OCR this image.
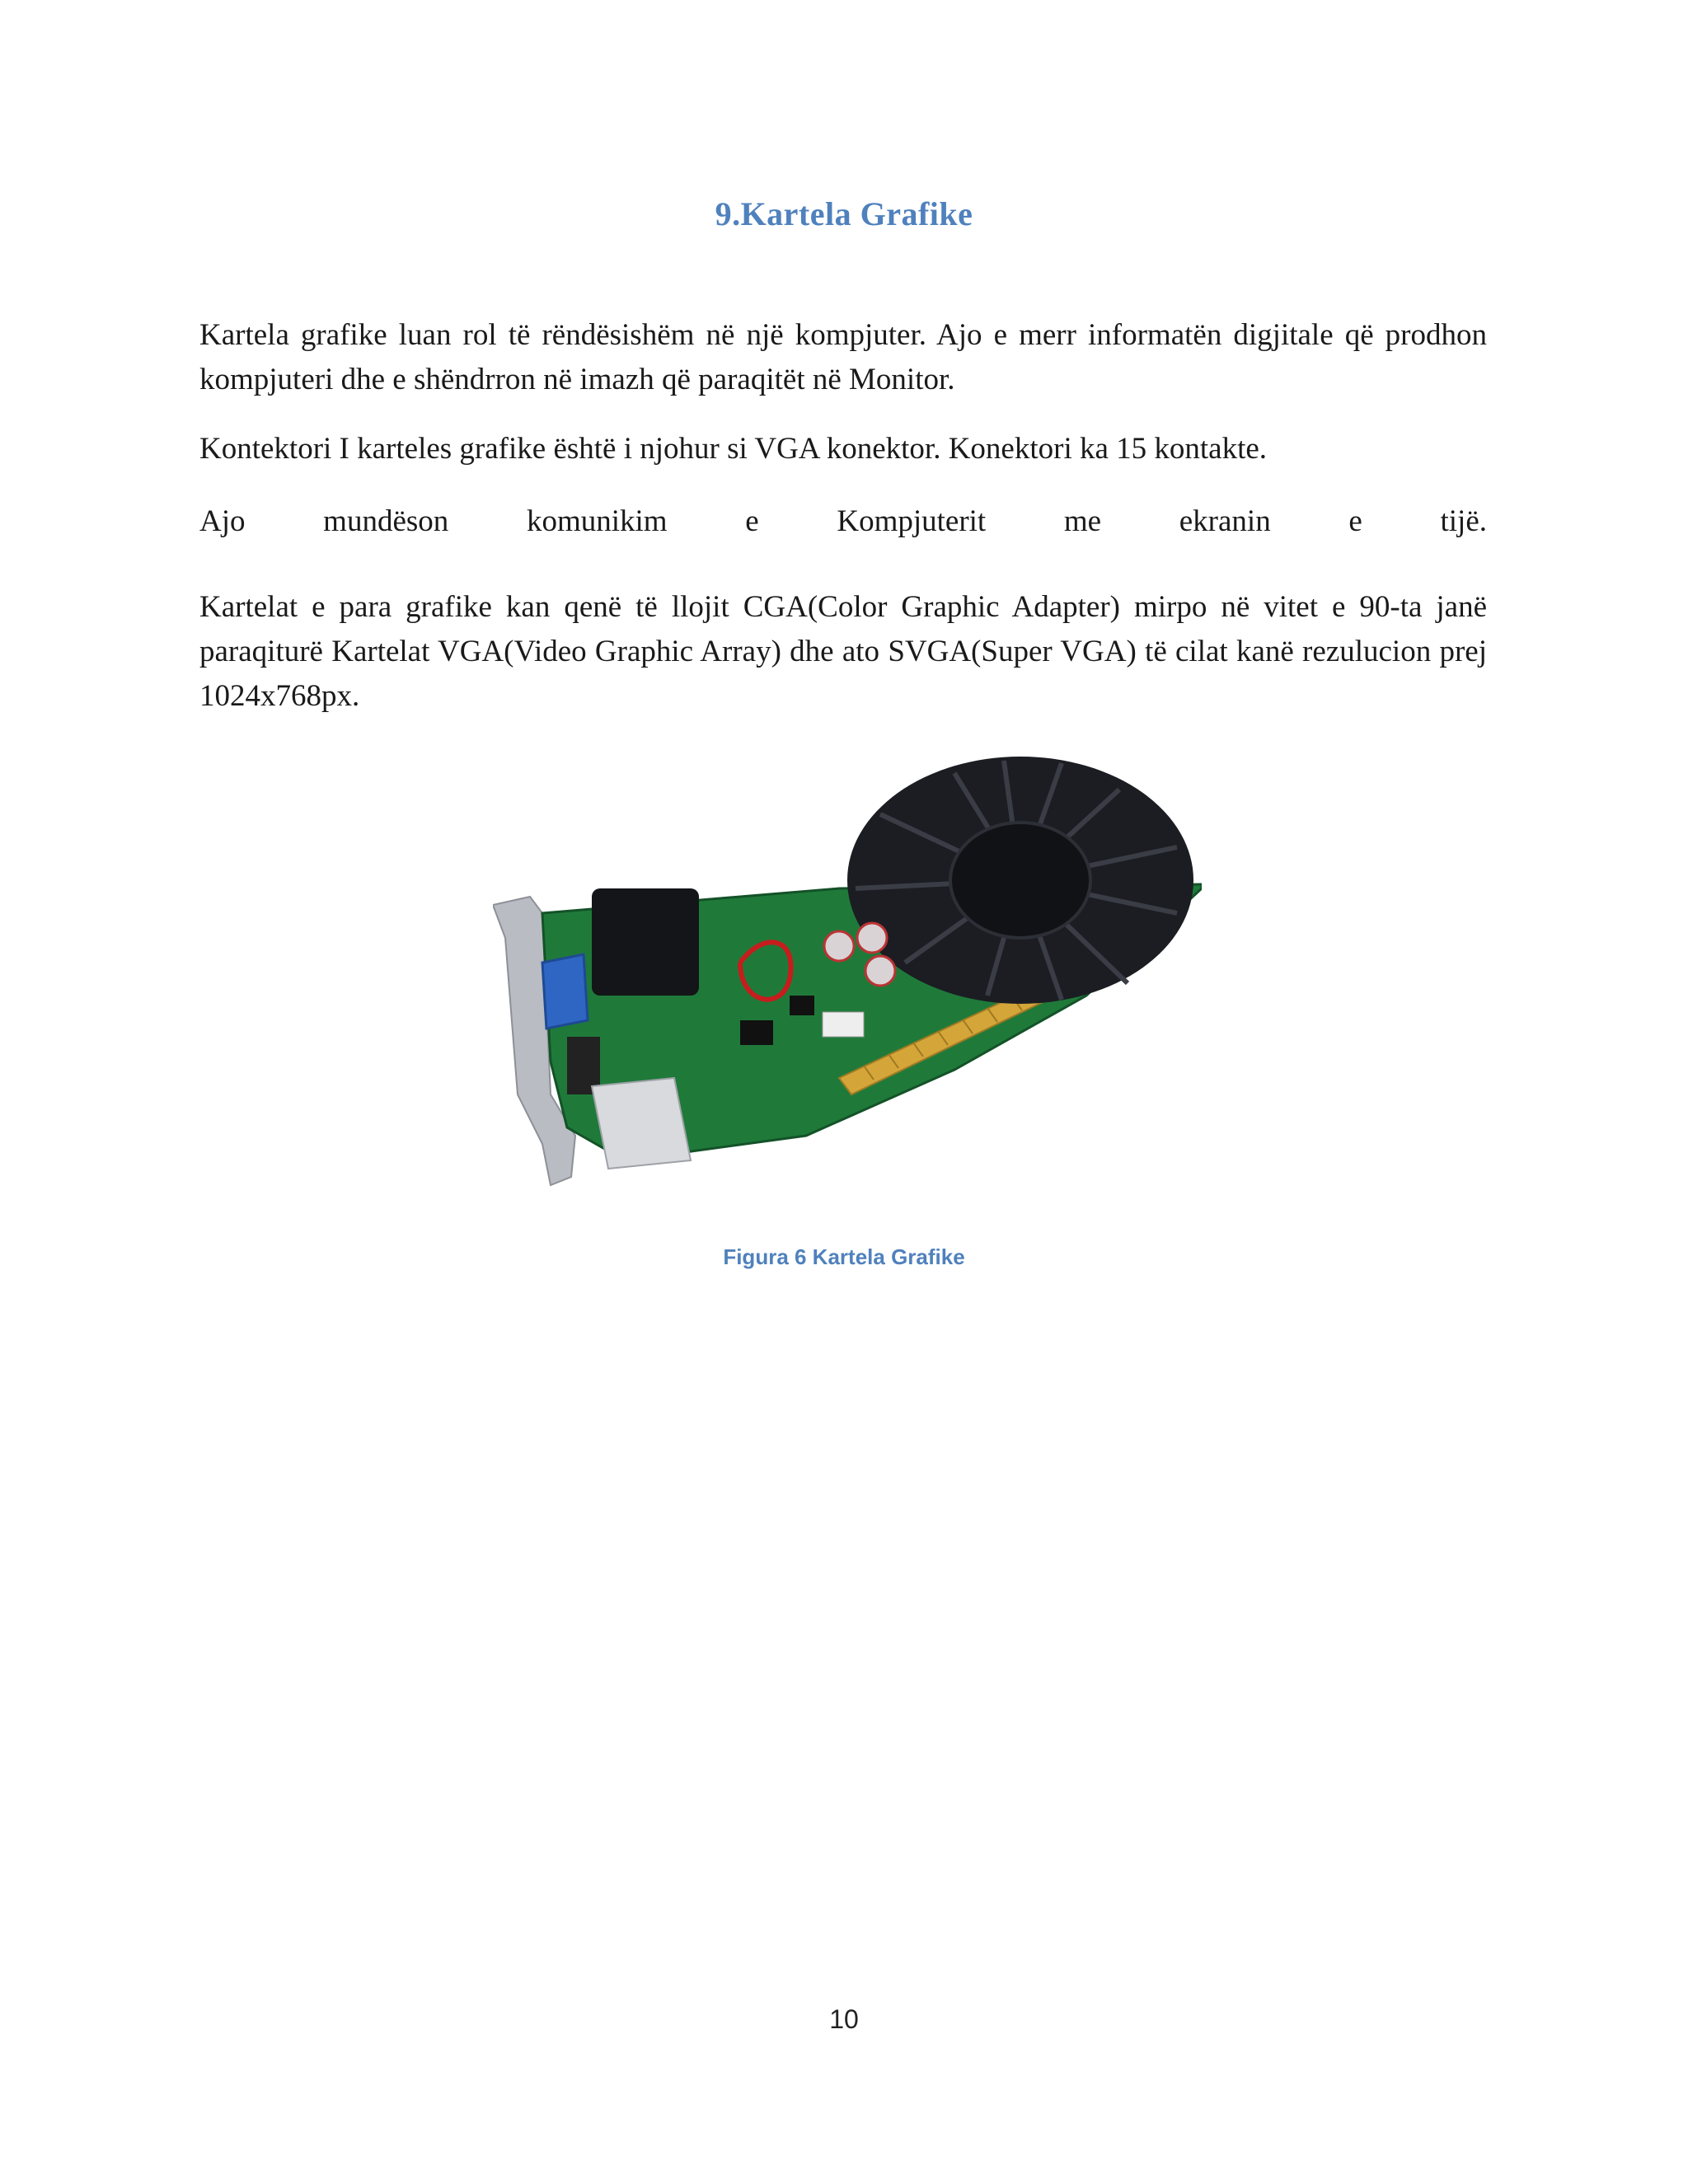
9.Kartela Grafike
Kartela grafike luan rol të rëndësishëm në një kompjuter. Ajo e merr informatën digjitale që prodhon kompjuteri dhe e shëndrron në imazh që paraqitët në Monitor.
Kontektori I karteles grafike është i njohur si VGA konektor. Konektori ka 15 kontakte.
Ajo mundëson komunikim e Kompjuterit me ekranin e tijë.
Kartelat e para grafike kan qenë të llojit CGA(Color Graphic Adapter) mirpo në vitet e 90-ta janë paraqiturë Kartelat VGA(Video Graphic Array) dhe ato SVGA(Super VGA) të cilat kanë rezulucion prej 1024x768px.
Figura 6 Kartela Grafike
10
